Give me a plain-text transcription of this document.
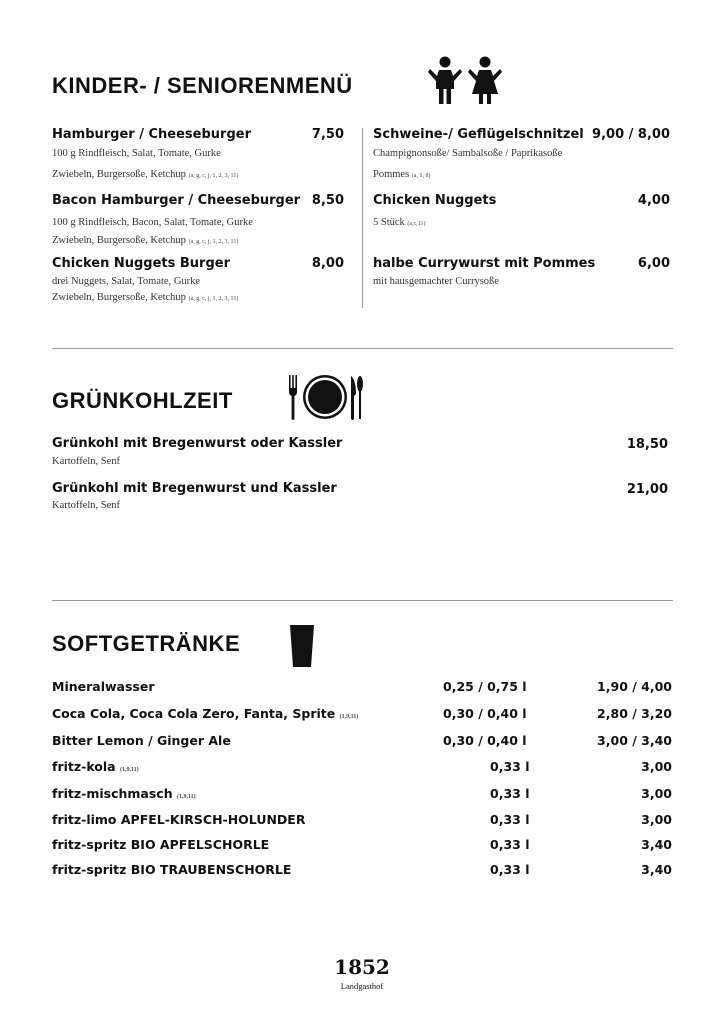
KINDER- / SENIORENMENÜ
Hamburger / Cheeseburger	7,50
100 g Rindfleisch, Salat, Tomate, Gurke
Zwiebeln, Burgersoße, Ketchup (a, g, c, j, 1, 2, 3, 11)
Bacon Hamburger / Cheeseburger 8,50
100 g Rindfleisch, Bacon, Salat, Tomate, Gurke
Zwiebeln, Burgersoße, Ketchup (a, g, c, j, 1, 2, 3, 11)
Chicken Nuggets Burger	8,00
drei Nuggets, Salat, Tomate, Gurke
Zwiebeln, Burgersoße, Ketchup (a, g, c, j, 1, 2, 3, 11)
Schweine-/ Geflügelschnitzel 9,00 / 8,00
Champignonsoße/ Sambalsoße / Paprikasoße
Pommes (a, 1, 8)
Chicken Nuggets	4,00
5 Stück (a,c,11)
halbe Currywurst mit Pommes	6,00
mit hausgemachter Currysoße
GRÜNKOHLZEIT
Grünkohl mit Bregenwurst oder Kassler
Kartoffeln, Senf
18,50
Grünkohl mit Bregenwurst und Kassler
Kartoffeln, Senf
21,00
SOFTGETRÄNKE
Mineralwasser	0,25 / 0,75 l	1,90 / 4,00
Coca Cola, Coca Cola Zero, Fanta, Sprite (1,9,11)	0,30 / 0,40 l	2,80 / 3,20
Bitter Lemon / Ginger Ale	0,30 / 0,40 l	3,00 / 3,40
fritz-kola (1,9,11)	0,33 l	3,00
fritz-mischmasch (1,9,11)	0,33 l	3,00
fritz-limo APFEL-KIRSCH-HOLUNDER	0,33 l	3,00
fritz-spritz BIO APFELSCHORLE	0,33 l	3,40
fritz-spritz BIO TRAUBENSCHORLE	0,33 l	3,40
1852
Landgasthof
